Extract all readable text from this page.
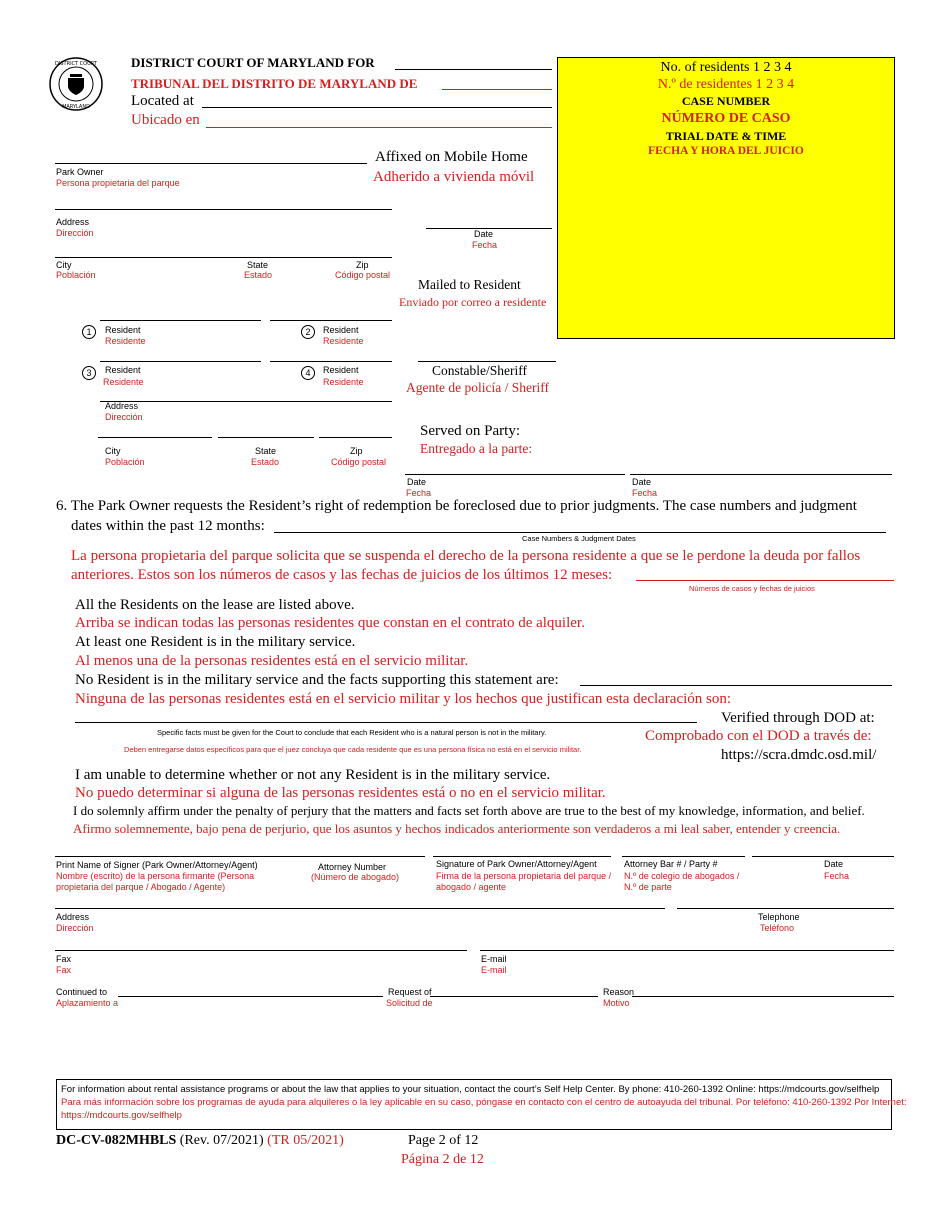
DISTRICT COURT
MARYLAND
DISTRICT COURT OF MARYLAND FOR
TRIBUNAL DEL DISTRITO DE MARYLAND DE
Located at
Ubicado en
No. of residents 1 2 3 4
N.º de residentes 1 2 3 4
CASE NUMBER
NÚMERO DE CASO
TRIAL DATE & TIME
FECHA Y HORA DEL JUICIO
Park Owner
Persona propietaria del parque
Affixed on Mobile Home
Adherido a vivienda móvil
Address
Dirección	Date
Fecha
City
Población
State
Estado
Zip
Código postal
Mailed to Resident
Enviado por correo a residente
1	Resident
Residente
2	Resident
Residente
3	Resident
Residente
4	Resident
Residente
Constable/Sheriff
Agente de policía / Sheriff
Address
Dirección
City
Población
State
Estado
Zip
Código postal
Served on Party:
Entregado a la parte:
Date
Fecha
Date
Fecha
6. The Park Owner requests the Resident’s right of redemption be foreclosed due to prior judgments. The case numbers and judgment
dates within the past 12 months:
Case Numbers & Judgment Dates
La persona propietaria del parque solicita que se suspenda el derecho de la persona residente a que se le perdone la deuda por fallos
anteriores. Estos son los números de casos y las fechas de juicios de los últimos 12 meses:
Números de casos y fechas de juicios
All the Residents on the lease are listed above.
Arriba se indican todas las personas residentes que constan en el contrato de alquiler.
At least one Resident is in the military service.
Al menos una de la personas residentes está en el servicio militar.
No Resident is in the military service and the facts supporting this statement are:
Ninguna de las personas residentes está en el servicio militar y los hechos que justifican esta declaración son:
Specific facts must be given for the Court to conclude that each Resident who is a natural person is not in the military.
Deben entregarse datos específicos para que el juez concluya que cada residente que es una persona física no está en el servicio militar.
Verified through DOD at:
Comprobado con el DOD a través de:
https://scra.dmdc.osd.mil/
I am unable to determine whether or not any Resident is in the military service.
No puedo determinar si alguna de las personas residentes está o no en el servicio militar.
I do solemnly affirm under the penalty of perjury that the matters and facts set forth above are true to the best of my knowledge, information, and belief.
Afirmo solemnemente, bajo pena de perjurio, que los asuntos y hechos indicados anteriormente son verdaderos a mi leal saber, entender y creencia.
Print Name of Signer (Park Owner/Attorney/Agent)
Nombre (escrito) de la persona firmante (Persona
propietaria del parque / Abogado / Agente)
Attorney Number
(Número de abogado)
Signature of Park Owner/Attorney/Agent
Firma de la persona propietaria del parque /
abogado / agente
Attorney Bar # / Party #
N.º de colegio de abogados /
N.º de parte
Date
Fecha
Address
Dirección
Telephone
Teléfono
Fax
Fax
E-mail
E-mail
Continued to
Aplazamiento a
Request of
Solicitud de
Reason
Motivo
For information about rental assistance programs or about the law that applies to your situation, contact the court’s Self Help Center. By phone: 410-260-1392 Online: https://mdcourts.gov/selfhelp
Para más información sobre los programas de ayuda para alquileres o la ley aplicable en su caso, póngase en contacto con el centro de autoayuda del tribunal. Por teléfono: 410-260-1392 Por Internet:
https://mdcourts.gov/selfhelp
DC-CV-082MHBLS (Rev. 07/2021) (TR 05/2021)	Page 2 of 12
Página 2 de 12
